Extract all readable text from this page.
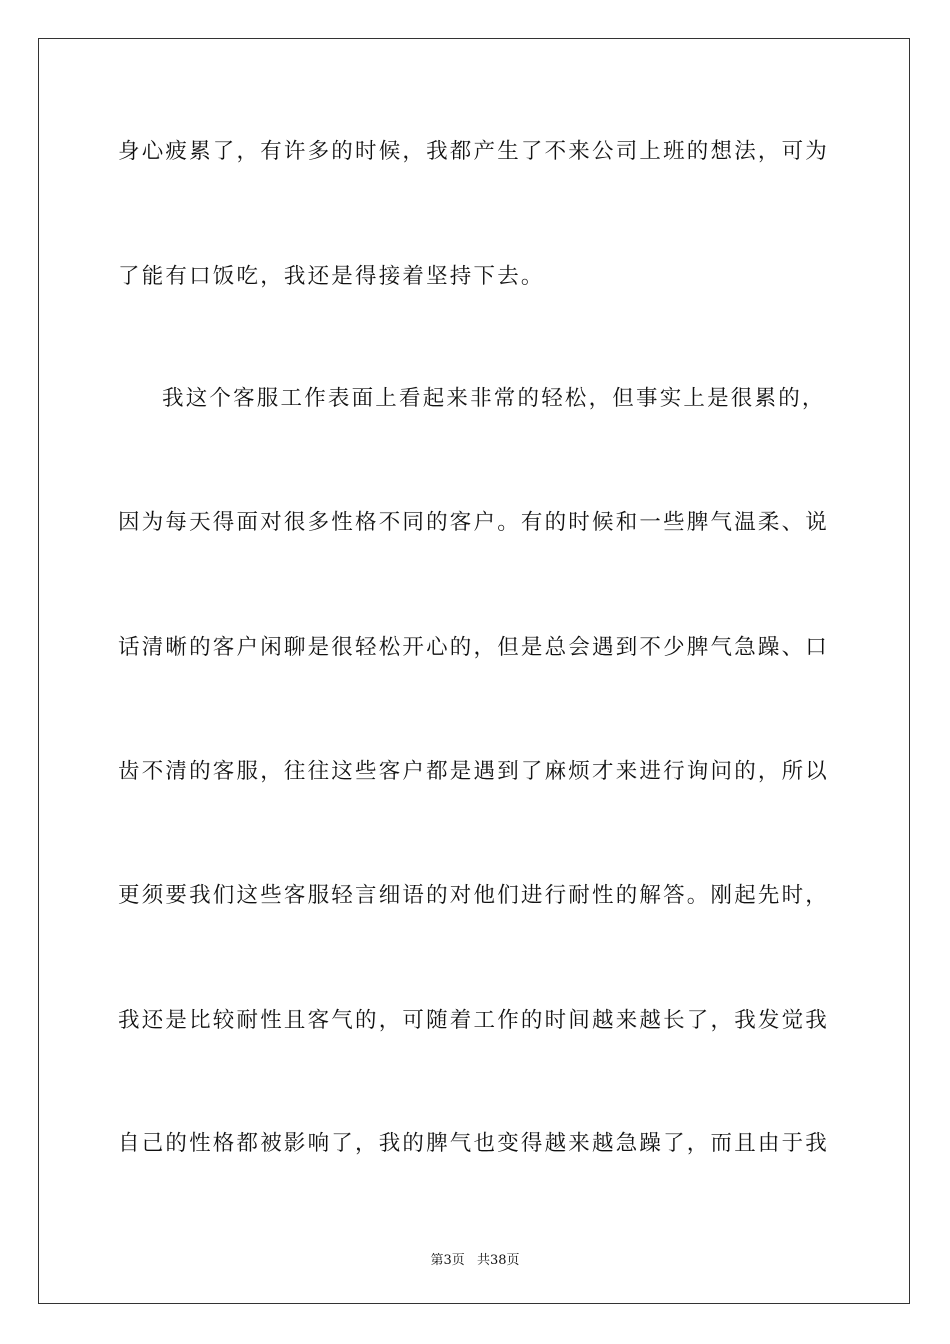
身心疲累了，有许多的时候，我都产生了不来公司上班的想法，可为
了能有口饭吃，我还是得接着坚持下去。
我这个客服工作表面上看起来非常的轻松，但事实上是很累的，
因为每天得面对很多性格不同的客户。有的时候和一些脾气温柔、说
话清晰的客户闲聊是很轻松开心的，但是总会遇到不少脾气急躁、口
齿不清的客服，往往这些客户都是遇到了麻烦才来进行询问的，所以
更须要我们这些客服轻言细语的对他们进行耐性的解答。刚起先时，
我还是比较耐性且客气的，可随着工作的时间越来越长了，我发觉我
自己的性格都被影响了，我的脾气也变得越来越急躁了，而且由于我
第3页 共38页
